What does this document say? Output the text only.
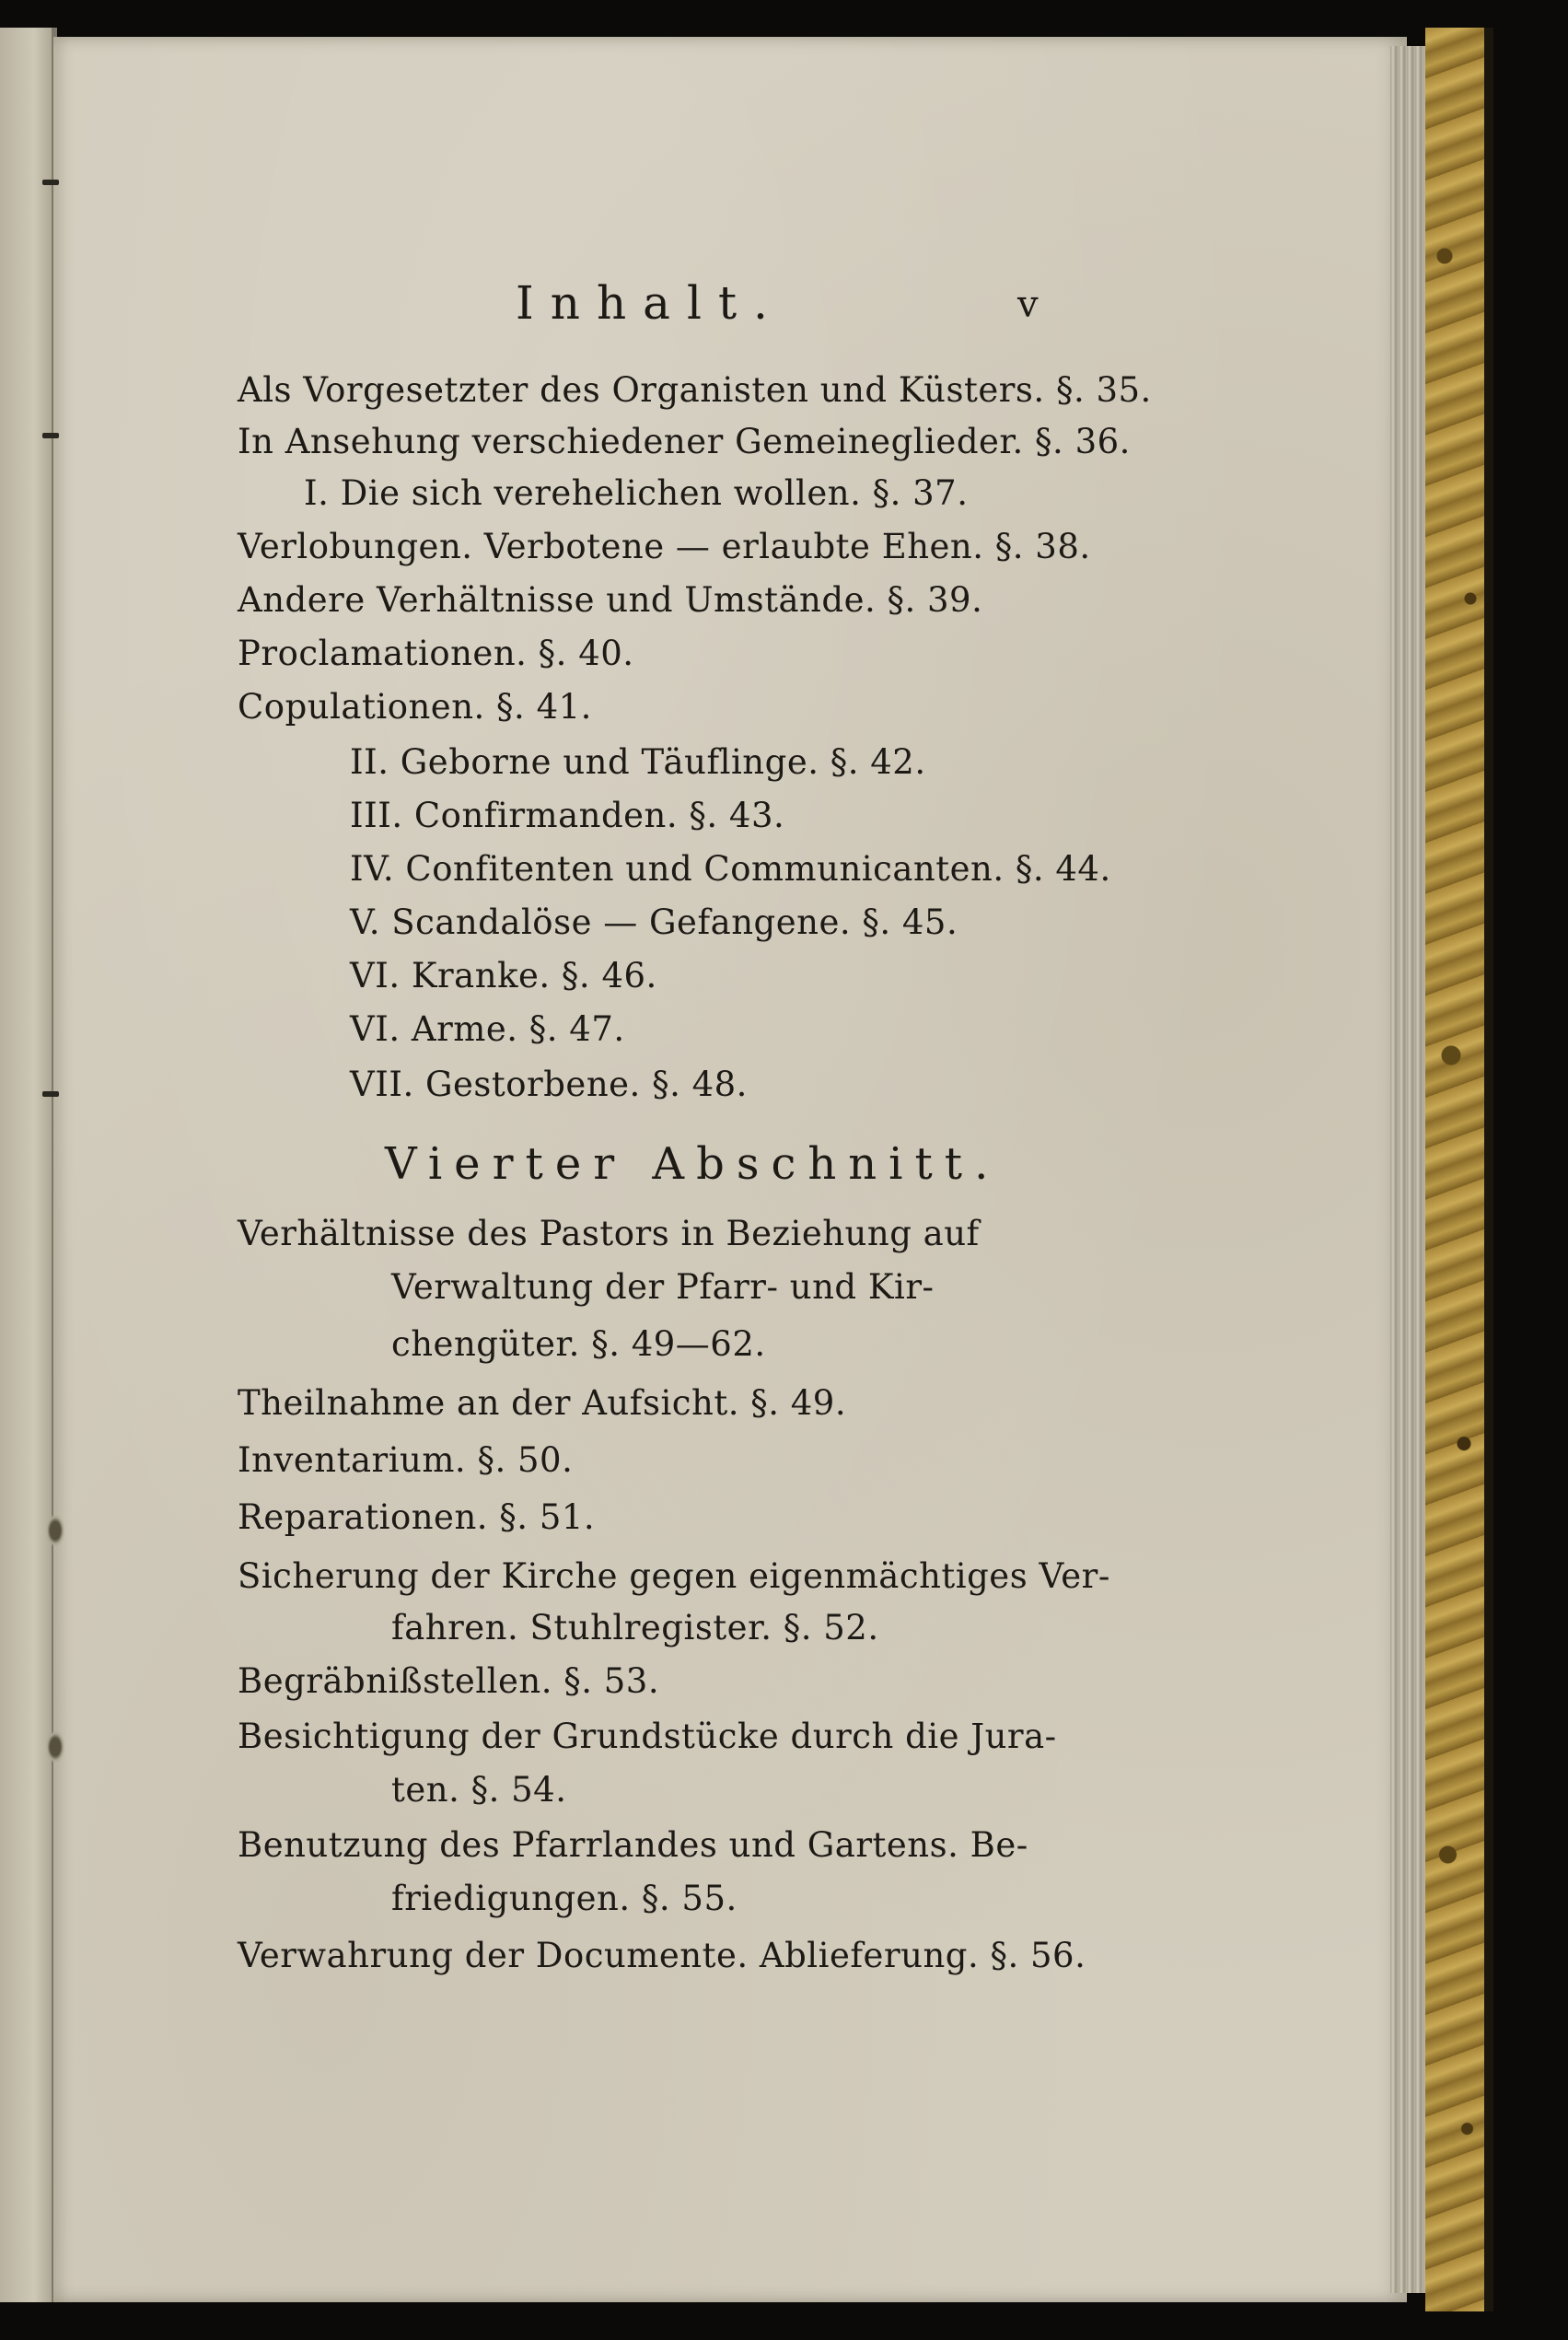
Inhalt.	v
Als Vorgesetzter des Organisten und Küsters. §. 35.
In Ansehung verschiedener Gemeineglieder. §. 36.
I. Die sich verehelichen wollen. §. 37.
Verlobungen. Verbotene — erlaubte Ehen. §. 38.
Andere Verhältnisse und Umstände. §. 39.
Proclamationen. §. 40.
Copulationen. §. 41.
II. Geborne und Täuflinge. §. 42.
III. Confirmanden. §. 43.
IV. Confitenten und Communicanten. §. 44.
V. Scandalöse — Gefangene. §. 45.
VI. Kranke. §. 46.
VI. Arme. §. 47.
VII. Gestorbene. §. 48.
Vierter Abschnitt.
Verhältnisse des Pastors in Beziehung auf
Verwaltung der Pfarr- und Kir-
chengüter. §. 49—62.
Theilnahme an der Aufsicht. §. 49.
Inventarium. §. 50.
Reparationen. §. 51.
Sicherung der Kirche gegen eigenmächtiges Ver-
fahren. Stuhlregister. §. 52.
Begräbnißstellen. §. 53.
Besichtigung der Grundstücke durch die Jura-
ten. §. 54.
Benutzung des Pfarrlandes und Gartens. Be-
friedigungen. §. 55.
Verwahrung der Documente. Ablieferung. §. 56.
